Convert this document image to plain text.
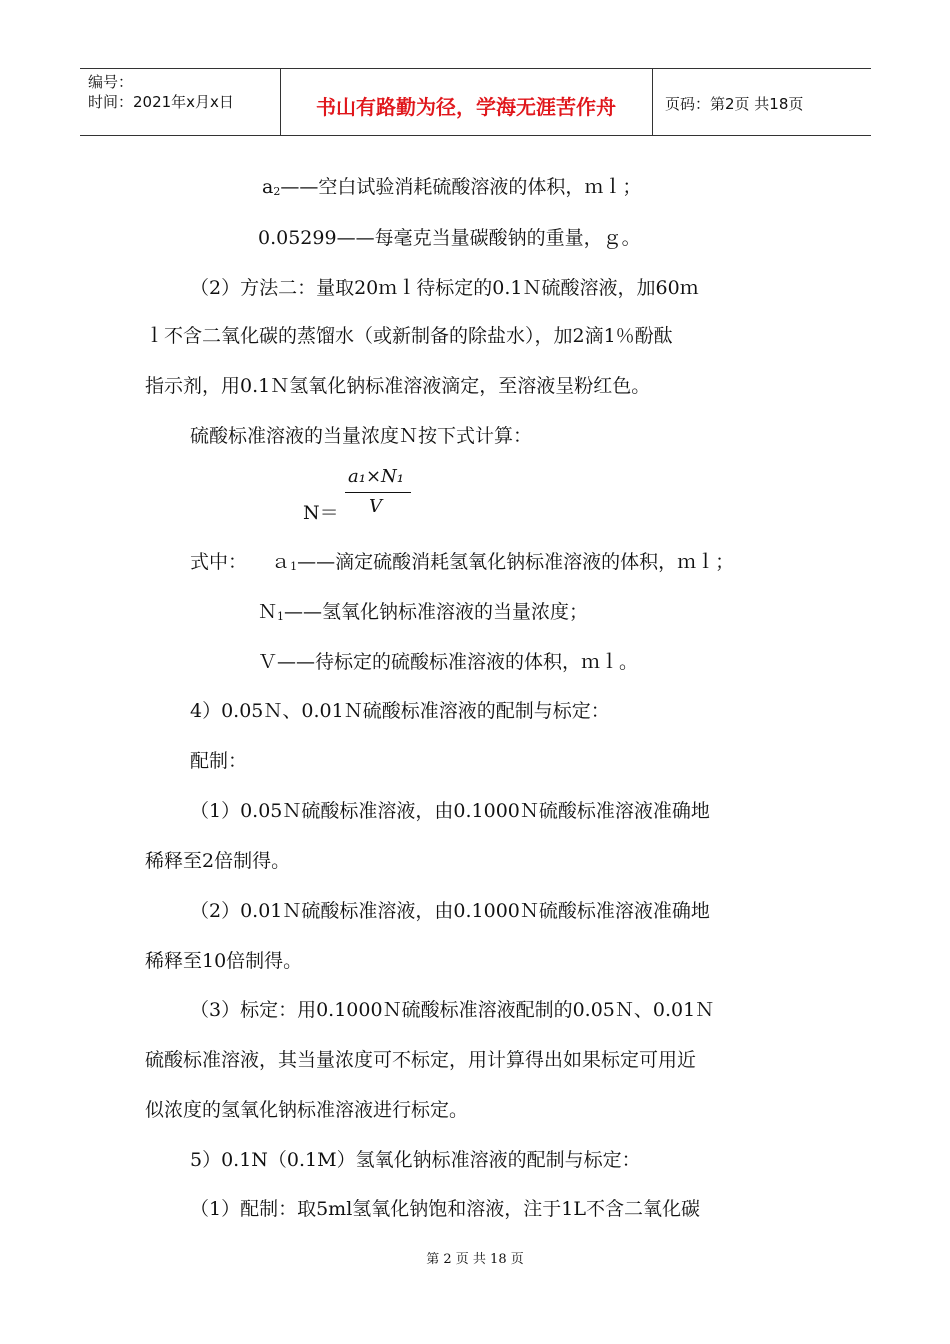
编号：
时间：2021年x月x日	书山有路勤为径，学海无涯苦作舟	页码：第2页 共18页
a2——空白试验消耗硫酸溶液的体积，ｍｌ；
0.05299——每毫克当量碳酸钠的重量，ｇ。
（2）方法二：量取20ｍｌ待标定的0.1Ｎ硫酸溶液，加60ｍ
ｌ不含二氧化碳的蒸馏水（或新制备的除盐水），加2滴1％酚酞
指示剂，用0.1Ｎ氢氧化钠标准溶液滴定，至溶液呈粉红色。
硫酸标准溶液的当量浓度Ｎ按下式计算：
N＝
a₁×N₁
V
式中： ａ1——滴定硫酸消耗氢氧化钠标准溶液的体积，ｍｌ；
Ｎ1——氢氧化钠标准溶液的当量浓度；
Ｖ——待标定的硫酸标准溶液的体积，ｍｌ。
4）0.05Ｎ、0.01Ｎ硫酸标准溶液的配制与标定：
配制：
（1）0.05Ｎ硫酸标准溶液，由0.1000Ｎ硫酸标准溶液准确地
稀释至2倍制得。
（2）0.01Ｎ硫酸标准溶液，由0.1000Ｎ硫酸标准溶液准确地
稀释至10倍制得。
（3）标定：用0.1000Ｎ硫酸标准溶液配制的0.05Ｎ、0.01Ｎ
硫酸标准溶液，其当量浓度可不标定，用计算得出如果标定可用近
似浓度的氢氧化钠标准溶液进行标定。
5）0.1N（0.1M）氢氧化钠标准溶液的配制与标定：
（1）配制：取5ml氢氧化钠饱和溶液，注于1L不含二氧化碳
第 2 页 共 18 页
